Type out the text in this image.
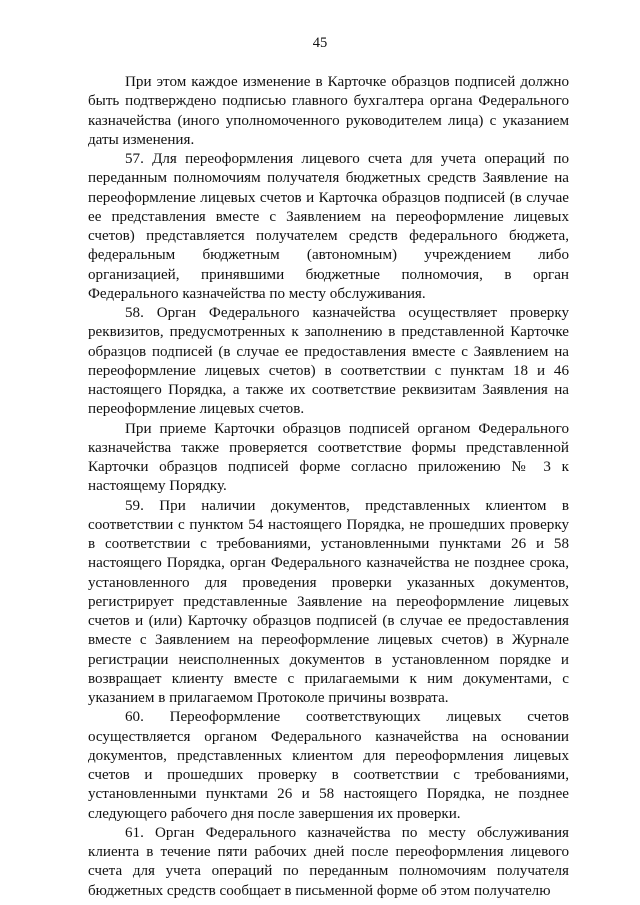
45

При этом каждое изменение в Карточке образцов подписей должно быть подтверждено подписью главного бухгалтера органа Федерального казначейства (иного уполномоченного руководителем лица) с указанием даты изменения.

57. Для переоформления лицевого счета для учета операций по переданным полномочиям получателя бюджетных средств Заявление на переоформление лицевых счетов и Карточка образцов подписей (в случае ее представления вместе с Заявлением на переоформление лицевых счетов) представляется получателем средств федерального бюджета, федеральным бюджетным (автономным) учреждением либо организацией, принявшими бюджетные полномочия, в орган Федерального казначейства по месту обслуживания.

58. Орган Федерального казначейства осуществляет проверку реквизитов, предусмотренных к заполнению в представленной Карточке образцов подписей (в случае ее предоставления вместе с Заявлением на переоформление лицевых счетов) в соответствии с пунктам 18 и 46 настоящего Порядка, а также их соответствие реквизитам Заявления на переоформление лицевых счетов.

При приеме Карточки образцов подписей органом Федерального казначейства также проверяется соответствие формы представленной Карточки образцов подписей форме согласно приложению № 3 к настоящему Порядку.

59. При наличии документов, представленных клиентом в соответствии с пунктом 54 настоящего Порядка, не прошедших проверку в соответствии с требованиями, установленными пунктами 26 и 58 настоящего Порядка, орган Федерального казначейства не позднее срока, установленного для проведения проверки указанных документов, регистрирует представленные Заявление на переоформление лицевых счетов и (или) Карточку образцов подписей (в случае ее предоставления вместе с Заявлением на переоформление лицевых счетов) в Журнале регистрации неисполненных документов в установленном порядке и возвращает клиенту вместе с прилагаемыми к ним документами, с указанием в прилагаемом Протоколе причины возврата.

60. Переоформление соответствующих лицевых счетов осуществляется органом Федерального казначейства на основании документов, представленных клиентом для переоформления лицевых счетов и прошедших проверку в соответствии с требованиями, установленными пунктами 26 и 58 настоящего Порядка, не позднее следующего рабочего дня после завершения их проверки.

61. Орган Федерального казначейства по месту обслуживания клиента в течение пяти рабочих дней после переоформления лицевого счета для учета операций по переданным полномочиям получателя бюджетных средств сообщает в письменной форме об этом получателю
